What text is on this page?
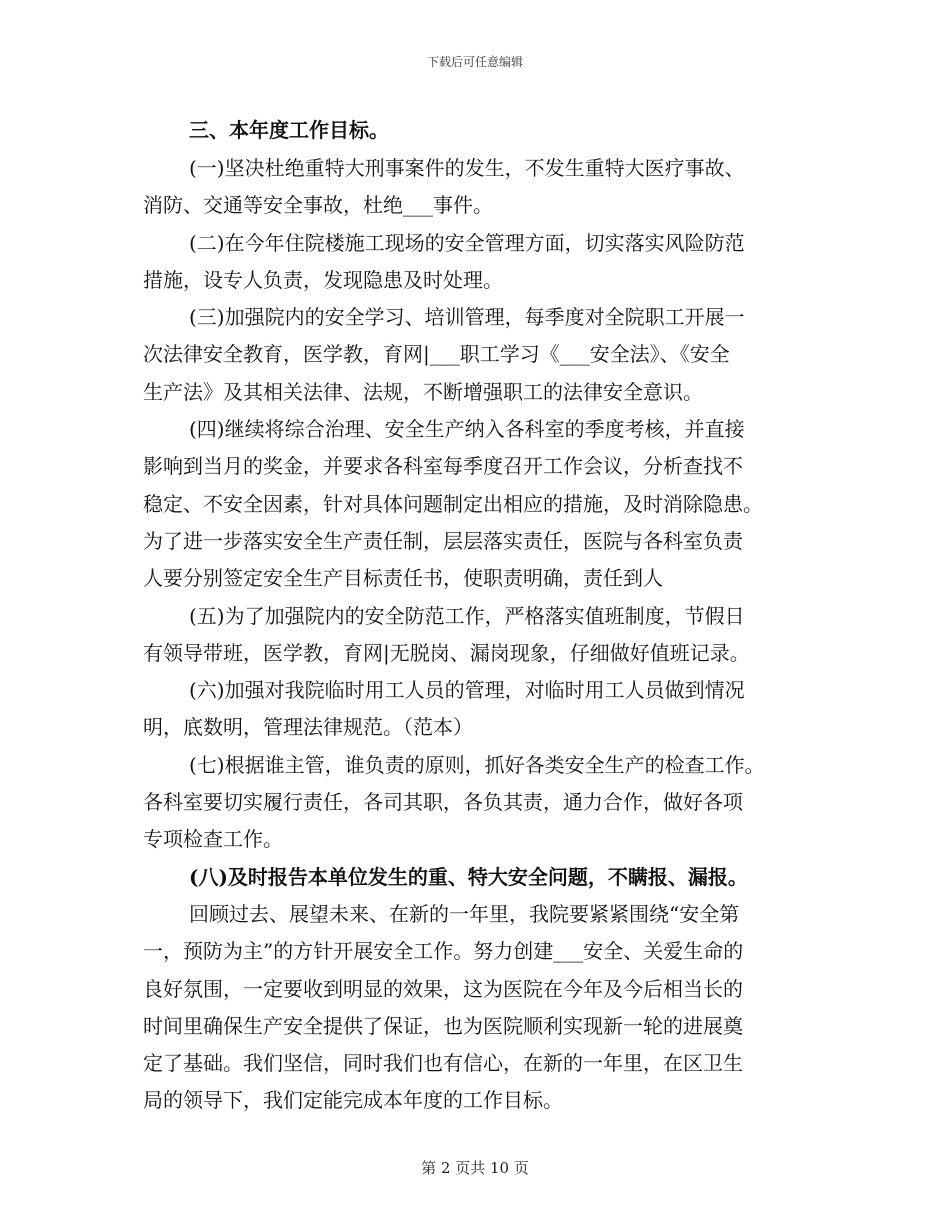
下载后可任意编辑
三、本年度工作目标。
(一)坚决杜绝重特大刑事案件的发生，不发生重特大医疗事故、
消防、交通等安全事故，杜绝___事件。
(二)在今年住院楼施工现场的安全管理方面，切实落实风险防范
措施，设专人负责，发现隐患及时处理。
(三)加强院内的安全学习、培训管理，每季度对全院职工开展一
次法律安全教育，医学教，育网|___职工学习《___安全法》、《安全
生产法》及其相关法律、法规，不断增强职工的法律安全意识。
(四)继续将综合治理、安全生产纳入各科室的季度考核，并直接
影响到当月的奖金，并要求各科室每季度召开工作会议，分析查找不
稳定、不安全因素，针对具体问题制定出相应的措施，及时消除隐患。
为了进一步落实安全生产责任制，层层落实责任，医院与各科室负责
人要分别签定安全生产目标责任书，使职责明确，责任到人
(五)为了加强院内的安全防范工作，严格落实值班制度，节假日
有领导带班，医学教，育网|无脱岗、漏岗现象，仔细做好值班记录。
(六)加强对我院临时用工人员的管理，对临时用工人员做到情况
明，底数明，管理法律规范。（范本）
(七)根据谁主管，谁负责的原则，抓好各类安全生产的检查工作。
各科室要切实履行责任，各司其职，各负其责，通力合作，做好各项
专项检查工作。
(八)及时报告本单位发生的重、特大安全问题，不瞒报、漏报。
回顾过去、展望未来、在新的一年里，我院要紧紧围绕“安全第
一，预防为主”的方针开展安全工作。努力创建___安全、关爱生命的
良好氛围，一定要收到明显的效果，这为医院在今年及今后相当长的
时间里确保生产安全提供了保证，也为医院顺利实现新一轮的进展奠
定了基础。我们坚信，同时我们也有信心，在新的一年里，在区卫生
局的领导下，我们定能完成本年度的工作目标。
第 2 页共 10 页
